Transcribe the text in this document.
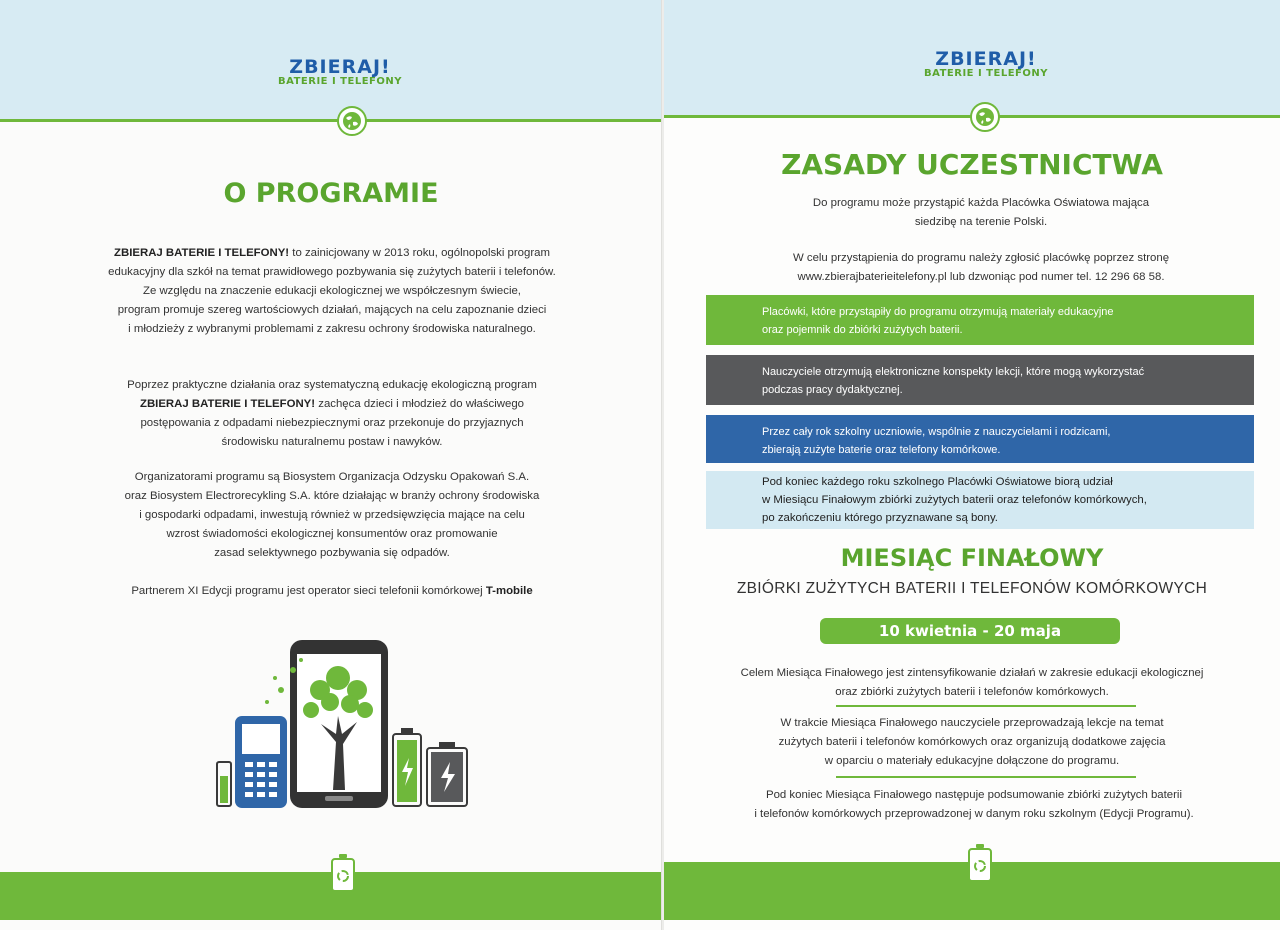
ZBIERAJ!
BATERIE I TELEFONY
O PROGRAMIE
ZBIERAJ BATERIE I TELEFONY! to zainicjowany w 2013 roku, ogólnopolski program
edukacyjny dla szkół na temat prawidłowego pozbywania się zużytych baterii i telefonów.
Ze względu na znaczenie edukacji ekologicznej we współczesnym świecie,
program promuje szereg wartościowych działań, mających na celu zapoznanie dzieci
i młodzieży z wybranymi problemami z zakresu ochrony środowiska naturalnego.
Poprzez praktyczne działania oraz systematyczną edukację ekologiczną program
ZBIERAJ BATERIE I TELEFONY! zachęca dzieci i młodzież do właściwego
postępowania z odpadami niebezpiecznymi oraz przekonuje do przyjaznych
środowisku naturalnemu postaw i nawyków.
Organizatorami programu są Biosystem Organizacja Odzysku Opakowań S.A.
oraz Biosystem Electrorecykling S.A. które działając w branży ochrony środowiska
i gospodarki odpadami, inwestują również w przedsięwzięcia mające na celu
wzrost świadomości ekologicznej konsumentów oraz promowanie
zasad selektywnego pozbywania się odpadów.
Partnerem XI Edycji programu jest operator sieci telefonii komórkowej T-mobile
ZBIERAJ!
BATERIE I TELEFONY
ZASADY UCZESTNICTWA
Do programu może przystąpić każda Placówka Oświatowa mająca
siedzibę na terenie Polski.
W celu przystąpienia do programu należy zgłosić placówkę poprzez stronę
www.zbierajbaterieitelefony.pl lub dzwoniąc pod numer tel. 12 296 68 58.
Placówki, które przystąpiły do programu otrzymują materiały edukacyjne
oraz pojemnik do zbiórki zużytych baterii.
Nauczyciele otrzymują elektroniczne konspekty lekcji, które mogą wykorzystać
podczas pracy dydaktycznej.
Przez cały rok szkolny uczniowie, wspólnie z nauczycielami i rodzicami,
zbierają zużyte baterie oraz telefony komórkowe.
Pod koniec każdego roku szkolnego Placówki Oświatowe biorą udział
w Miesiącu Finałowym zbiórki zużytych baterii oraz telefonów komórkowych,
po zakończeniu którego przyznawane są bony.
MIESIĄC FINAŁOWY
ZBIÓRKI ZUŻYTYCH BATERII I TELEFONÓW KOMÓRKOWYCH
10 kwietnia - 20 maja
Celem Miesiąca Finałowego jest zintensyfikowanie działań w zakresie edukacji ekologicznej
oraz zbiórki zużytych baterii i telefonów komórkowych.
W trakcie Miesiąca Finałowego nauczyciele przeprowadzają lekcje na temat
zużytych baterii i telefonów komórkowych oraz organizują dodatkowe zajęcia
w oparciu o materiały edukacyjne dołączone do programu.
Pod koniec Miesiąca Finałowego następuje podsumowanie zbiórki zużytych baterii
i telefonów komórkowych przeprowadzonej w danym roku szkolnym (Edycji Programu).
